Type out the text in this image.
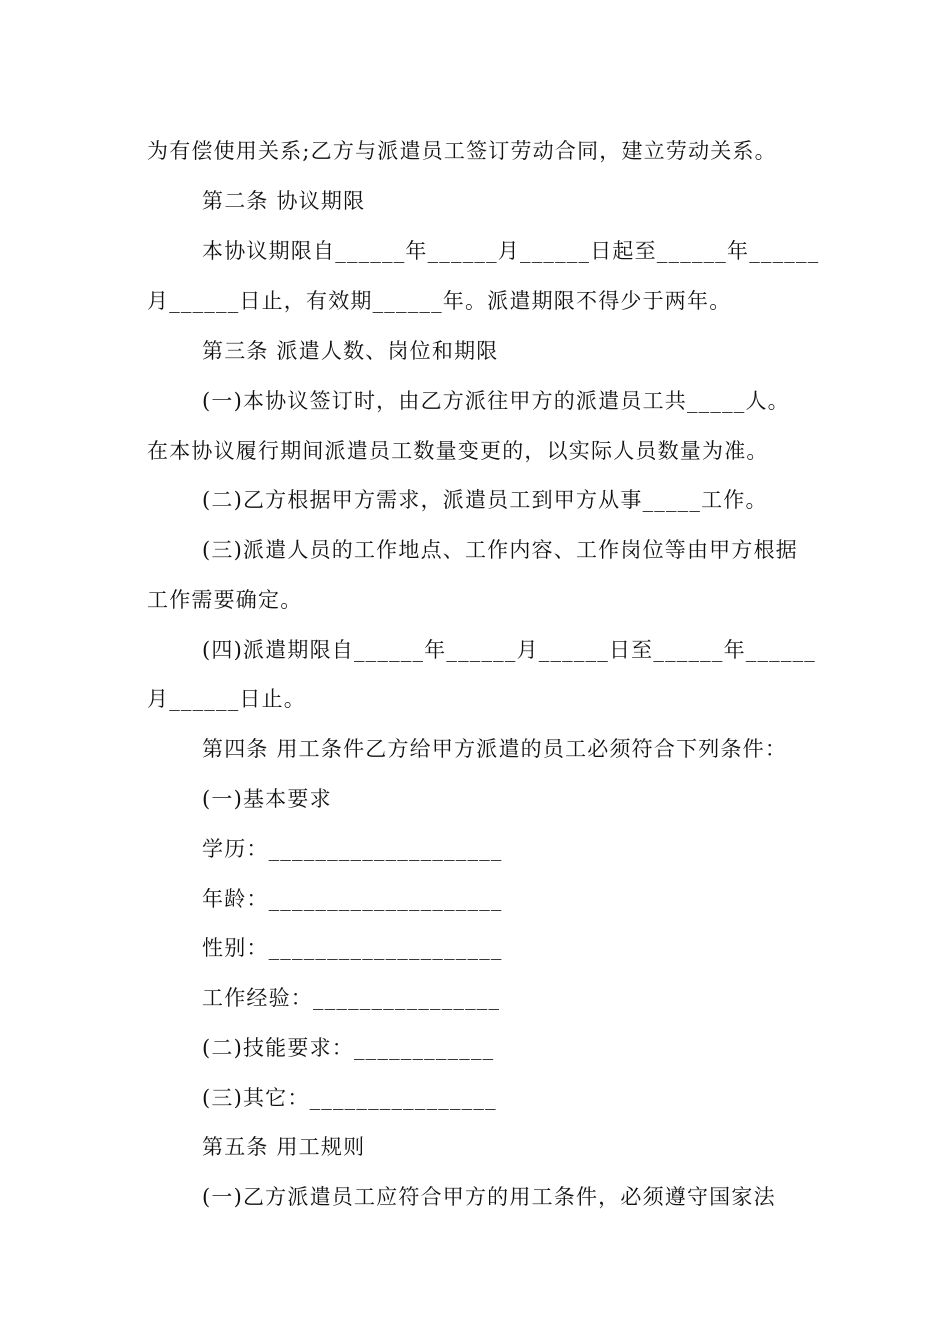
为有偿使用关系;乙方与派遣员工签订劳动合同，建立劳动关系。
第二条 协议期限
本协议期限自______年______月______日起至______年______
月______日止，有效期______年。派遣期限不得少于两年。
第三条 派遣人数、岗位和期限
(一)本协议签订时，由乙方派往甲方的派遣员工共_____人。
在本协议履行期间派遣员工数量变更的，以实际人员数量为准。
(二)乙方根据甲方需求，派遣员工到甲方从事_____工作。
(三)派遣人员的工作地点、工作内容、工作岗位等由甲方根据
工作需要确定。
(四)派遣期限自______年______月______日至______年______
月______日止。
第四条 用工条件乙方给甲方派遣的员工必须符合下列条件：
(一)基本要求
学历：____________________
年龄：____________________
性别：____________________
工作经验：________________
(二)技能要求：____________
(三)其它：________________
第五条 用工规则
(一)乙方派遣员工应符合甲方的用工条件，必须遵守国家法
